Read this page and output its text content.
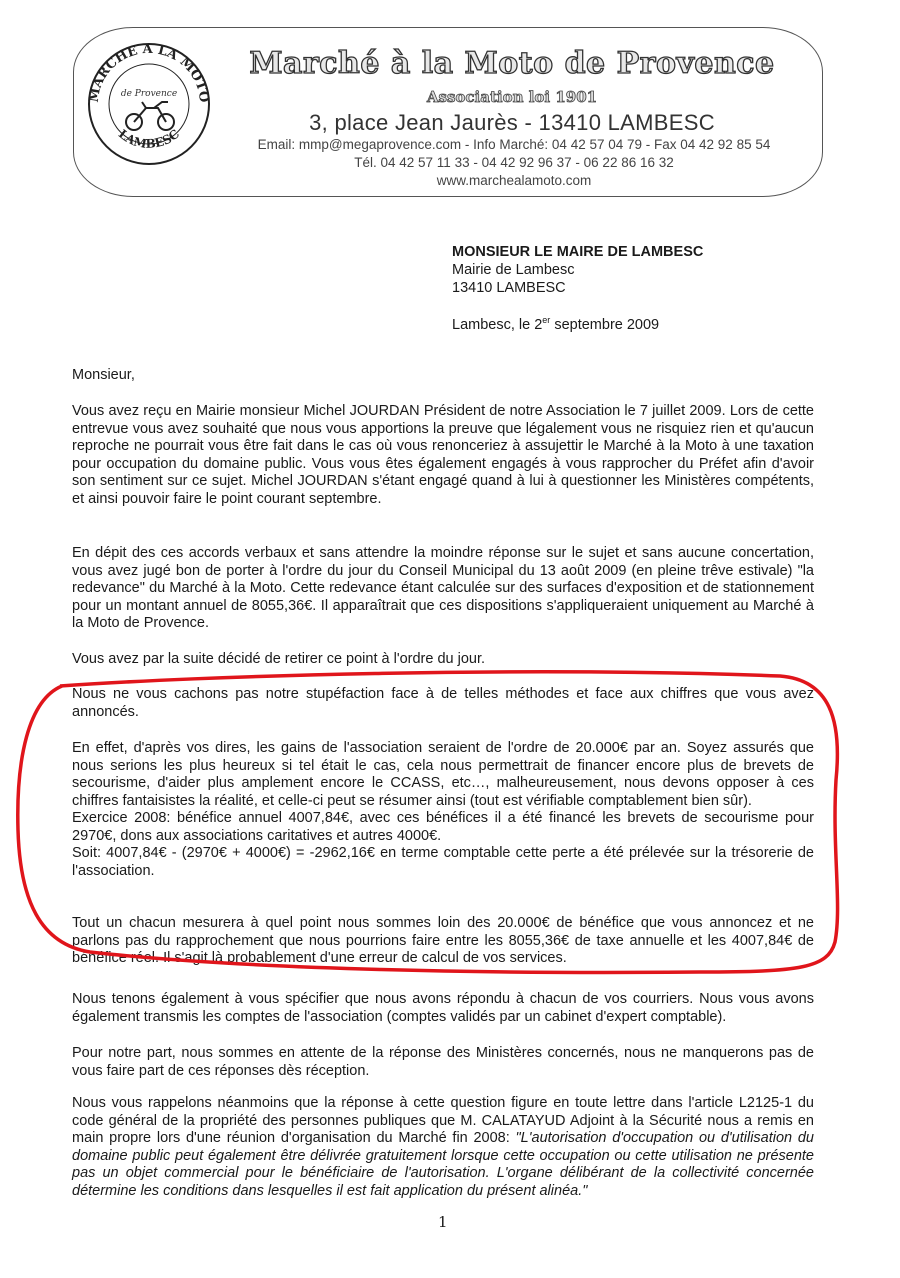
MARCHE A LA MOTO
LAMBESC
de Provence
Marché à la Moto de Provence
Association loi 1901
3, place Jean Jaurès - 13410 LAMBESC
Email: mmp@megaprovence.com - Info Marché: 04 42 57 04 79 - Fax 04 42 92 85 54
Tél. 04 42 57 11 33 - 04 42 92 96 37 - 06 22 86 16 32
www.marchealamoto.com
MONSIEUR LE MAIRE DE LAMBESC
Mairie de Lambesc
13410 LAMBESC
Lambesc, le 2er septembre 2009

Monsieur,

Vous avez reçu en Mairie monsieur Michel JOURDAN Président de notre Association le 7 juillet 2009. Lors de cette entrevue vous avez souhaité que nous vous apportions la preuve que légalement vous ne risquiez rien et qu'aucun reproche ne pourrait vous être fait dans le cas où vous renonceriez à assujettir le Marché à la Moto à une taxation pour occupation du domaine public. Vous vous êtes également engagés à vous rapprocher du Préfet afin d'avoir son sentiment sur ce sujet. Michel JOURDAN s'étant engagé quand à lui à questionner les Ministères compétents, et ainsi pouvoir faire le point courant septembre.

En dépit des ces accords verbaux et sans attendre la moindre réponse sur le sujet et sans aucune concertation, vous avez jugé bon de porter à l'ordre du jour du Conseil Municipal du 13 août 2009 (en pleine trêve estivale) "la redevance" du Marché à la Moto. Cette redevance étant calculée sur des surfaces d'exposition et de stationnement pour un montant annuel de 8055,36€. Il apparaîtrait que ces dispositions s'appliqueraient uniquement au Marché à la Moto de Provence.

Vous avez par la suite décidé de retirer ce point à l'ordre du jour.

Nous ne vous cachons pas notre stupéfaction face à de telles méthodes et face aux chiffres que vous avez annoncés.

En effet, d'après vos dires, les gains de l'association seraient de l'ordre de 20.000€ par an. Soyez assurés que nous serions les plus heureux si tel était le cas, cela nous permettrait de financer encore plus de brevets de secourisme, d'aider plus amplement encore le CCASS, etc…, malheureusement, nous devons opposer à ces chiffres fantaisistes la réalité, et celle-ci peut se résumer ainsi (tout est vérifiable comptablement bien sûr).
Exercice 2008: bénéfice annuel 4007,84€, avec ces bénéfices il a été financé les brevets de secourisme pour 2970€, dons aux associations caritatives et autres 4000€.
Soit: 4007,84€ - (2970€ + 4000€) = -2962,16€ en terme comptable cette perte a été prélevée sur la trésorerie de l'association.

Tout un chacun mesurera à quel point nous sommes loin des 20.000€ de bénéfice que vous annoncez et ne parlons pas du rapprochement que nous pourrions faire entre les 8055,36€ de taxe annuelle et les 4007,84€ de bénéfice réel. Il s'agit là probablement d'une erreur de calcul de vos services.

Nous tenons également à vous spécifier que nous avons répondu à chacun de vos courriers. Nous vous avons également transmis les comptes de l'association (comptes validés par un cabinet d'expert comptable).

Pour notre part, nous sommes en attente de la réponse des Ministères concernés, nous ne manquerons pas de vous faire part de ces réponses dès réception.

Nous vous rappelons néanmoins que la réponse à cette question figure en toute lettre dans l'article L2125-1 du code général de la propriété des personnes publiques que M. CALATAYUD Adjoint à la Sécurité nous a remis en main propre lors d'une réunion d'organisation du Marché fin 2008: "L'autorisation d'occupation ou d'utilisation du domaine public peut également être délivrée gratuitement lorsque cette occupation ou cette utilisation ne présente pas un objet commercial pour le bénéficiaire de l'autorisation. L'organe délibérant de la collectivité concernée détermine les conditions dans lesquelles il est fait application du présent alinéa."

1
